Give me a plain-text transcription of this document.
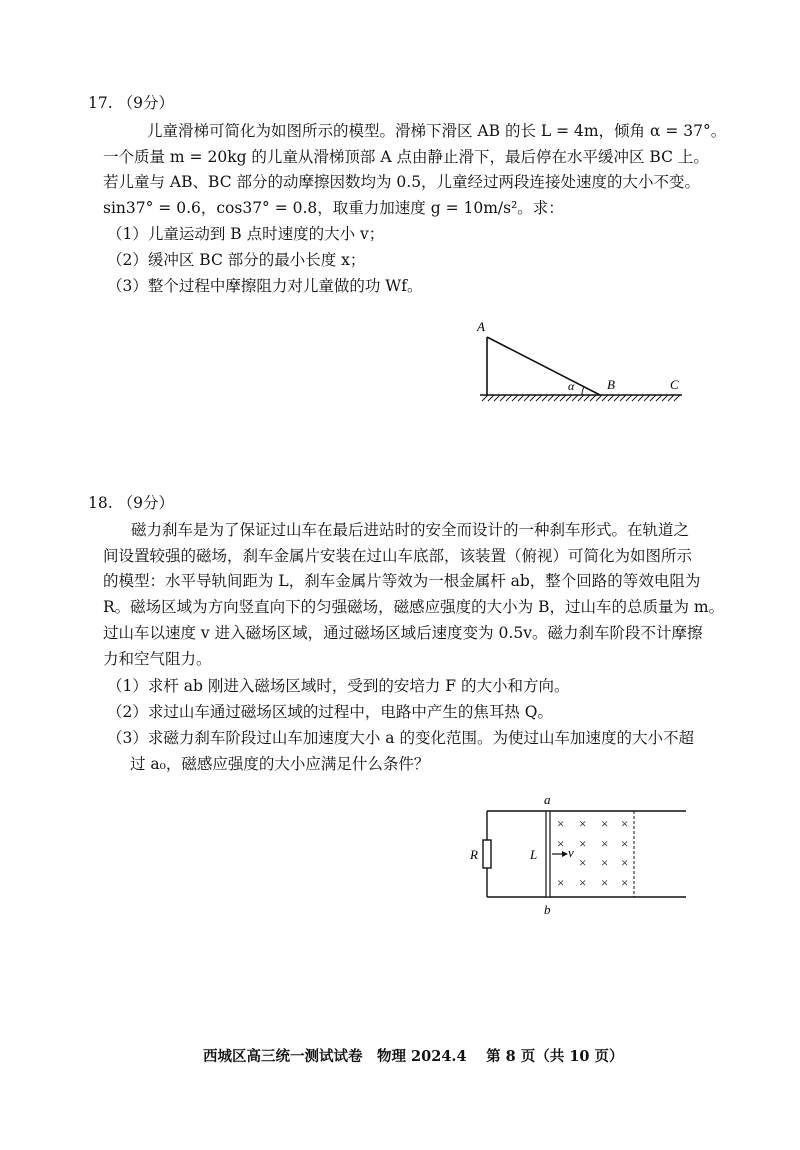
17. （9分）
儿童滑梯可简化为如图所示的模型。滑梯下滑区 AB 的长 L = 4m，倾角 α = 37°。
一个质量 m = 20kg 的儿童从滑梯顶部 A 点由静止滑下，最后停在水平缓冲区 BC 上。
若儿童与 AB、BC 部分的动摩擦因数均为 0.5，儿童经过两段连接处速度的大小不变。
sin37° = 0.6，cos37° = 0.8，取重力加速度 g = 10m/s²。求：
（1）儿童运动到 B 点时速度的大小 v；
（2）缓冲区 BC 部分的最小长度 x；
（3）整个过程中摩擦阻力对儿童做的功 Wf。
A
α	B	C
18. （9分）
磁力刹车是为了保证过山车在最后进站时的安全而设计的一种刹车形式。在轨道之
间设置较强的磁场，刹车金属片安装在过山车底部，该装置（俯视）可简化为如图所示
的模型：水平导轨间距为 L，刹车金属片等效为一根金属杆 ab，整个回路的等效电阻为
R。磁场区域为方向竖直向下的匀强磁场，磁感应强度的大小为 B，过山车的总质量为 m。
过山车以速度 v 进入磁场区域，通过磁场区域后速度变为 0.5v。磁力刹车阶段不计摩擦
力和空气阻力。
（1）求杆 ab 刚进入磁场区域时，受到的安培力 F 的大小和方向。
（2）求过山车通过磁场区域的过程中，电路中产生的焦耳热 Q。
（3）求磁力刹车阶段过山车加速度大小 a 的变化范围。为使过山车加速度的大小不超
过 a₀，磁感应强度的大小应满足什么条件？
× × × ×
× × × ×
× × ×
× × × ×
a
b
R	L v
西城区高三统一测试试卷　物理 2024.4　 第 8 页（共 10 页）
